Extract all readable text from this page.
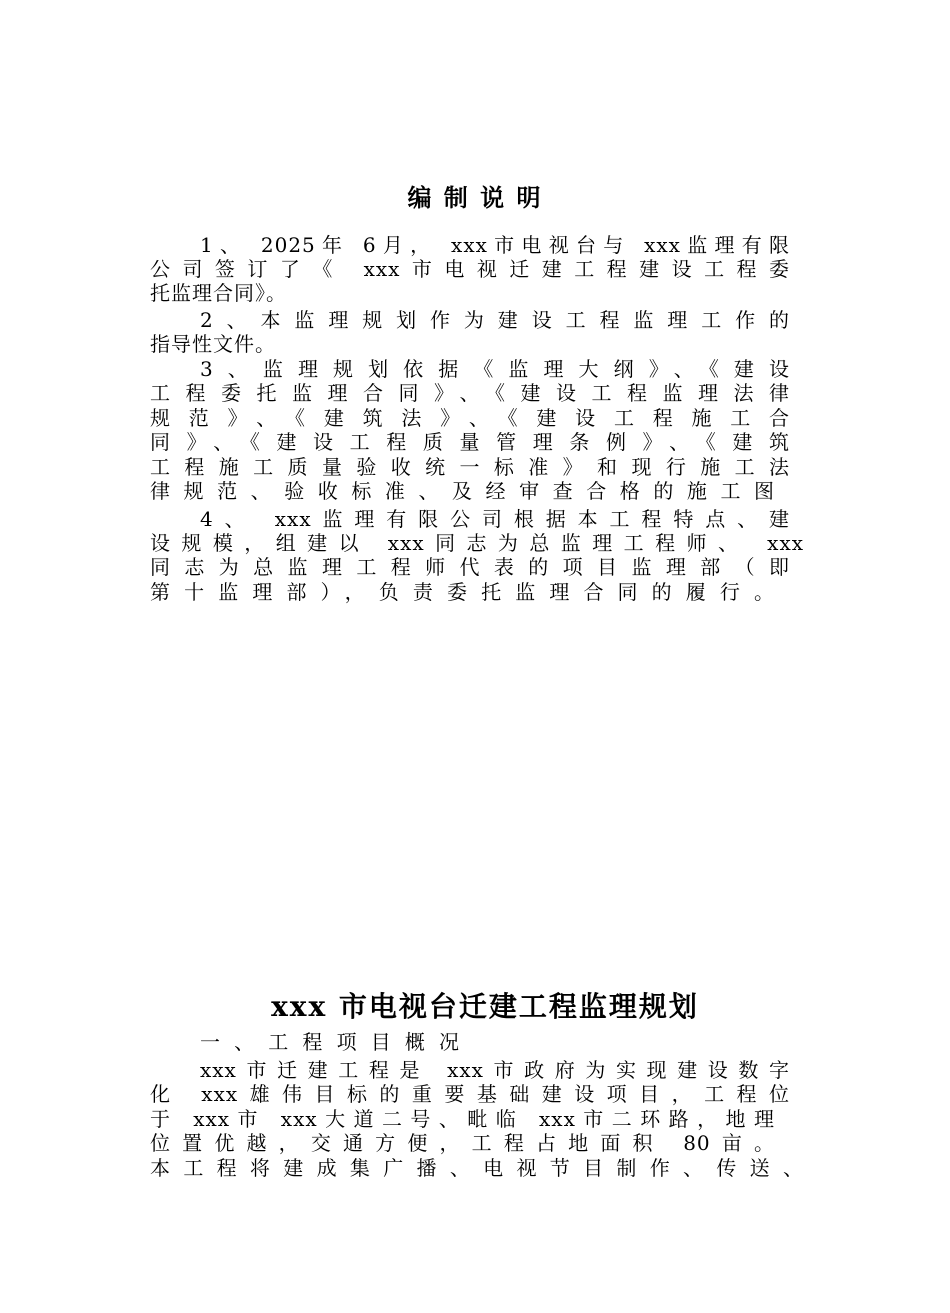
编 制 说 明
1、 2025年 6月， xxx市电视台与 xxx监理有限
公司签订了《 xxx市电视迁建工程建设工程委
托监理合同》。
2、本监理规划作为建设工程监理工作的
指导性文件。
3、监理规划依据《监理大纲》、《建设
工程委托监理合同》、《建设工程监理法律
规范》、《建筑法》、《建设工程施工合
同》、《建设工程质量管理条例》、《建筑
工程施工质量验收统一标准》和现行施工法
律规范、验收标准、及经审查合格的施工图
4、 xxx监理有限公司根据本工程特点、建
设规模，组建以 xxx同志为总监理工程师、 xxx
同志为总监理工程师代表的项目监理部（即
第十监理部），负责委托监理合同的履行。
xxx 市电视台迁建工程监理规划
一、工程项目概况
xxx市迁建工程是 xxx市政府为实现建设数字
化 xxx雄伟目标的重要基础建设项目，工程位
于 xxx市 xxx大道二号、毗临 xxx市二环路，地理
位置优越，交通方便，工程占地面积 80亩。
本工程将建成集广播、电视节目制作、传送、
